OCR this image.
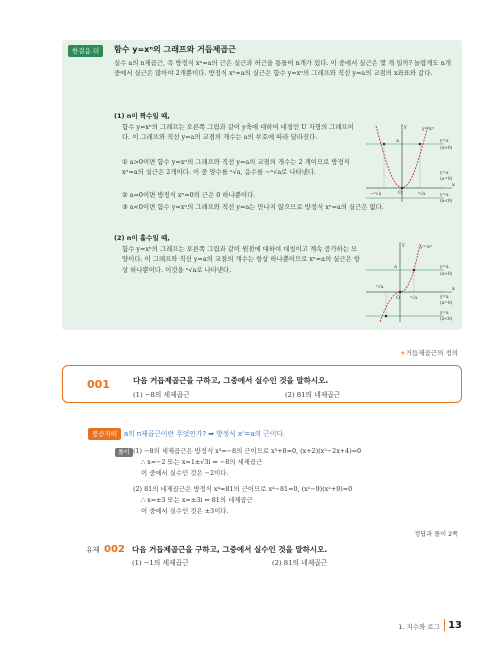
한걸음 더	함수 y=xⁿ의 그래프와 거듭제곱근
실수 a의 n제곱근, 즉 방정식 xⁿ=a의 근은 실근과 허근을 통틀어 n개가 있다. 이 중에서 실근은 몇 개 일까? 놀랍게도 n개 중에서 실근은 많아야 2개뿐이다. 방정식 xⁿ=a의 실근은 함수 y=xⁿ의 그래프와 직선 y=a의 교점의 x좌표와 같다.
(1) n이 짝수일 때,
함수 y=xⁿ의 그래프는 오른쪽 그림과 같이 y축에 대하여 대칭인 U 자형의 그래프이다. 이 그래프와 직선 y=a의 교점의 개수는 a의 부호에 따라 달라진다.
① a>0이면 함수 y=xⁿ의 그래프와 직선 y=a의 교점의 개수는 2 개이므로 방정식 xⁿ=a의 실근은 2개이다. 이 중 양수를 ⁿ√a, 음수를 −ⁿ√a로 나타낸다.
② a=0이면 방정식 xⁿ=0의 근은 0 하나뿐이다.
③ a<0이면 함수 y=xⁿ의 그래프와 직선 y=a는 만나지 않으므로 방정식 xⁿ=a의 실근은 없다.
(2) n이 홀수일 때,
함수 y=xⁿ의 그래프는 오른쪽 그림과 같이 원점에 대하여 대칭이고 계속 증가하는 모양이다. 이 그래프와 직선 y=a의 교점의 개수는 항상 하나뿐이므로 xⁿ=a의 실근은 항상 하나뿐이다. 이것을 ⁿ√a로 나타낸다.
y=xⁿ
y
x
a
O
−ⁿ√a	ⁿ√a
y=a
(a>0)
y=a
(a=0)
y=a
(a<0)
y=xⁿ
y
x
a
O
ⁿ√a
ⁿ√a
y=a
(a>0)
y=a
(a=0)
y=a
(a<0)
+거듭제곱근의 정의
001	다음 거듭제곱근을 구하고, 그중에서 실수인 것을 말하시오.
(1) −8의 세제곱근	(2) 81의 네제곱근
풍산자띠	a의 n제곱근이란 무엇인가? ➡ 방정식 xⁿ=a의 근이다.
풀이 (1) −8의 세제곱근은 방정식 x³=−8의 근이므로 x³+8=0, (x+2)(x²−2x+4)=0
∴ x=−2 또는 x=1±√3i ⇐ −8의 세제곱근
이 중에서 실수인 것은 −2이다.
(2) 81의 네제곱근은 방정식 x⁴=81의 근이므로 x⁴−81=0, (x²−9)(x²+9)=0
∴ x=±3 또는 x=±3i ⇐ 81의 네제곱근
이 중에서 실수인 것은 ±3이다.
정답과 풀이 2쪽
유제 002 다음 거듭제곱근을 구하고, 그중에서 실수인 것을 말하시오.
(1) −1의 세제곱근	(2) 81의 네제곱근
1. 지수와 로그 13
